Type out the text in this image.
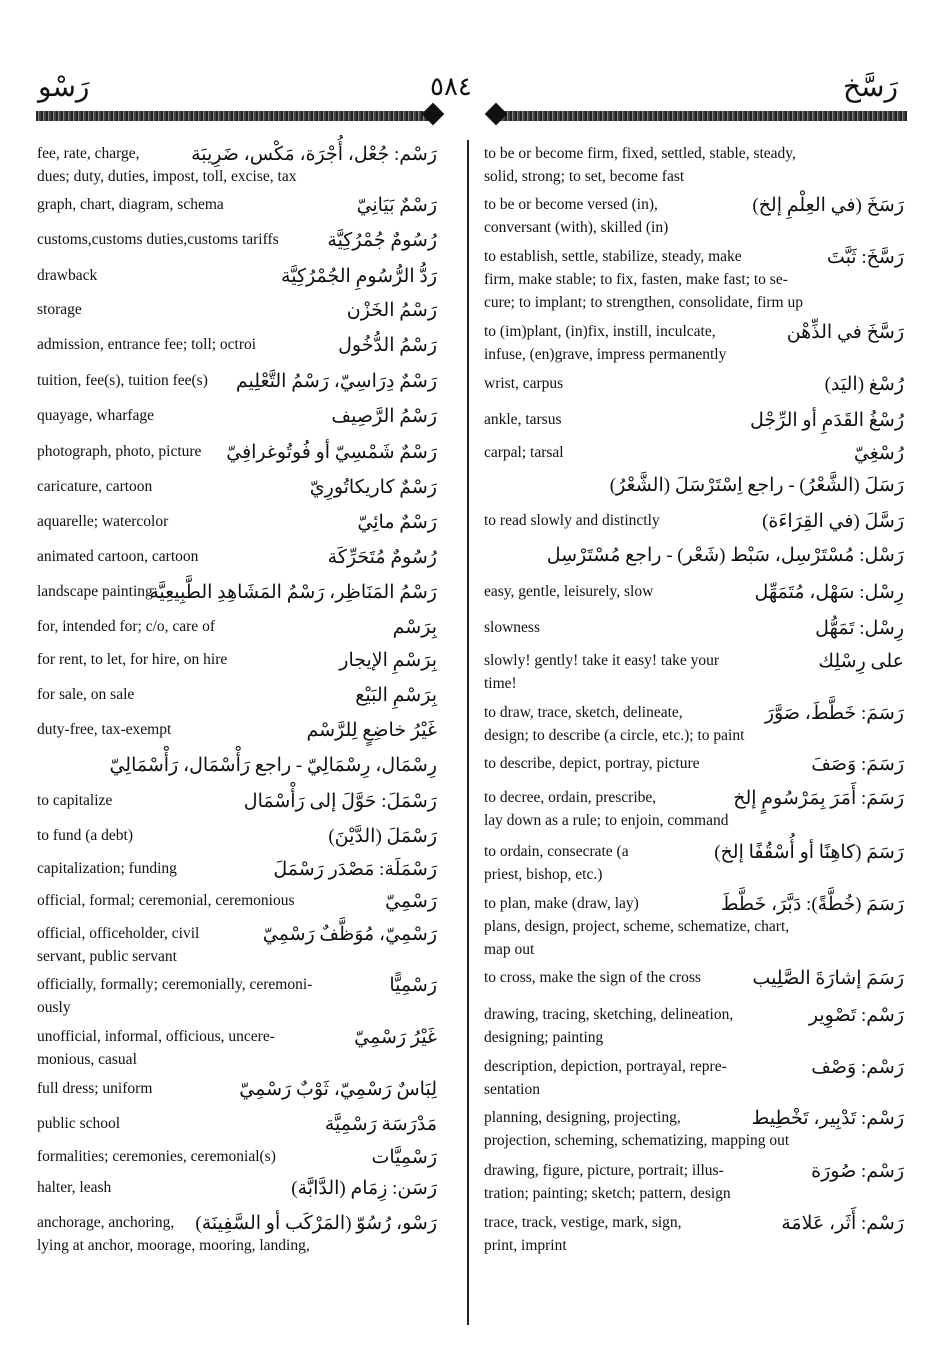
رَسَّخ
٥٨٤
رَسْو
fee, rate, charge,
dues; duty, duties, impost, toll, excise, tax
رَسْم: جُعْل، أُجْرَة، مَكْس، ضَرِيبَة
graph, chart, diagram, schema	رَسْمٌ بَيَانِيّ
customs,customs duties,customs tariffs	رُسُومٌ جُمْرُكِيَّة
drawback	رَدُّ الرُّسُومِ الجُمْرُكِيَّة
storage	رَسْمُ الخَزْن
admission, entrance fee; toll; octroi	رَسْمُ الدُّخُول
tuition, fee(s), tuition fee(s) رَسْمٌ دِرَاسِيّ، رَسْمُ التَّعْلِيم
quayage, wharfage	رَسْمُ الرَّصِيف
photograph, photo, picture رَسْمٌ شَمْسِيّ أو فُوتُوغرافِيّ
caricature, cartoon	رَسْمٌ كاريكاتُورِيّ
aquarelle; watercolor	رَسْمٌ مائِيّ
animated cartoon, cartoon	رُسُومٌ مُتَحَرِّكَة
landscape painting
رَسْمُ المَنَاظِر، رَسْمُ المَشَاهِدِ الطَّبِيعِيَّة
for, intended for; c/o, care of	بِرَسْم
for rent, to let, for hire, on hire	بِرَسْمِ الإيجار
for sale, on sale	بِرَسْمِ البَيْع
duty-free, tax-exempt	غَيْرُ خاضِعٍ لِلرَّسْم
رِسْمَال، رِسْمَالِيّ - راجع رَأْسْمَال، رَأْسْمَالِيّ
to capitalize	رَسْمَلَ: حَوَّلَ إلى رَأْسْمَال
to fund (a debt)	رَسْمَلَ (الدَّيْنَ)
capitalization; funding	رَسْمَلَة: مَصْدَر رَسْمَلَ
official, formal; ceremonial, ceremonious	رَسْمِيّ
official, officeholder, civil
servant, public servant
رَسْمِيّ، مُوَظَّفٌ رَسْمِيّ
officially, formally; ceremonially, ceremoni-
ously
رَسْمِيًّا
unofficial, informal, officious, uncere-
monious, casual
غَيْرُ رَسْمِيّ
full dress; uniform	لِبَاسٌ رَسْمِيّ، ثَوْبٌ رَسْمِيّ
public school	مَدْرَسَة رَسْمِيَّة
formalities; ceremonies, ceremonial(s)	رَسْمِيَّات
halter, leash	رَسَن: زِمَام (الدَّابَّة)
anchorage, anchoring,
lying at anchor, moorage, mooring, landing,
رَسْو، رُسُوّ (المَرْكَب أو السَّفِينَة)
to be or become firm, fixed, settled, stable, steady,
solid, strong; to set, become fast
to be or become versed (in),
conversant (with), skilled (in)
رَسَخَ (في العِلْمِ إلخ)
to establish, settle, stabilize, steady, make
firm, make stable; to fix, fasten, make fast; to se-
cure; to implant; to strengthen, consolidate, firm up
رَسَّخَ: ثَبَّتَ
to (im)plant, (in)fix, instill, inculcate,
infuse, (en)grave, impress permanently
رَسَّخَ في الذِّهْن
wrist, carpus	رُسْغ (اليَد)
ankle, tarsus	رُسْغُ القَدَمِ أو الرِّجْل
carpal; tarsal	رُسْغِيّ
رَسَلَ (الشَّعْرُ) - راجع اِسْتَرْسَلَ (الشَّعْرُ)
to read slowly and distinctly	رَسَّلَ (في القِرَاءَة)
رَسْل: مُسْتَرْسِل، سَبْط (شَعْر) - راجع مُسْتَرْسِل
easy, gentle, leisurely, slow	رِسْل: سَهْل، مُتَمَهِّل
slowness	رِسْل: تَمَهُّل
slowly! gently! take it easy! take your
time!
على رِسْلِك
to draw, trace, sketch, delineate,
design; to describe (a circle, etc.); to paint
رَسَمَ: خَطَّطَ، صَوَّرَ
to describe, depict, portray, picture	رَسَمَ: وَصَفَ
to decree, ordain, prescribe,
lay down as a rule; to enjoin, command
رَسَمَ: أَمَرَ بِمَرْسُومٍ إلخ
to ordain, consecrate (a
priest, bishop, etc.)
رَسَمَ (كاهِنًا أو أُسْقُفًا إلخ)
to plan, make (draw, lay)
plans, design, project, scheme, schematize, chart,
map out
رَسَمَ (خُطَّةً): دَبَّرَ، خَطَّطَ
to cross, make the sign of the cross	رَسَمَ إشارَةَ الصَّلِيب
drawing, tracing, sketching, delineation,
designing; painting
رَسْم: تَصْوِير
description, depiction, portrayal, repre-
sentation
رَسْم: وَصْف
planning, designing, projecting,
projection, scheming, schematizing, mapping out
رَسْم: تَدْبِير، تَخْطِيط
drawing, figure, picture, portrait; illus-
tration; painting; sketch; pattern, design
رَسْم: صُورَة
trace, track, vestige, mark, sign,
print, imprint
رَسْم: أَثَر، عَلامَة
